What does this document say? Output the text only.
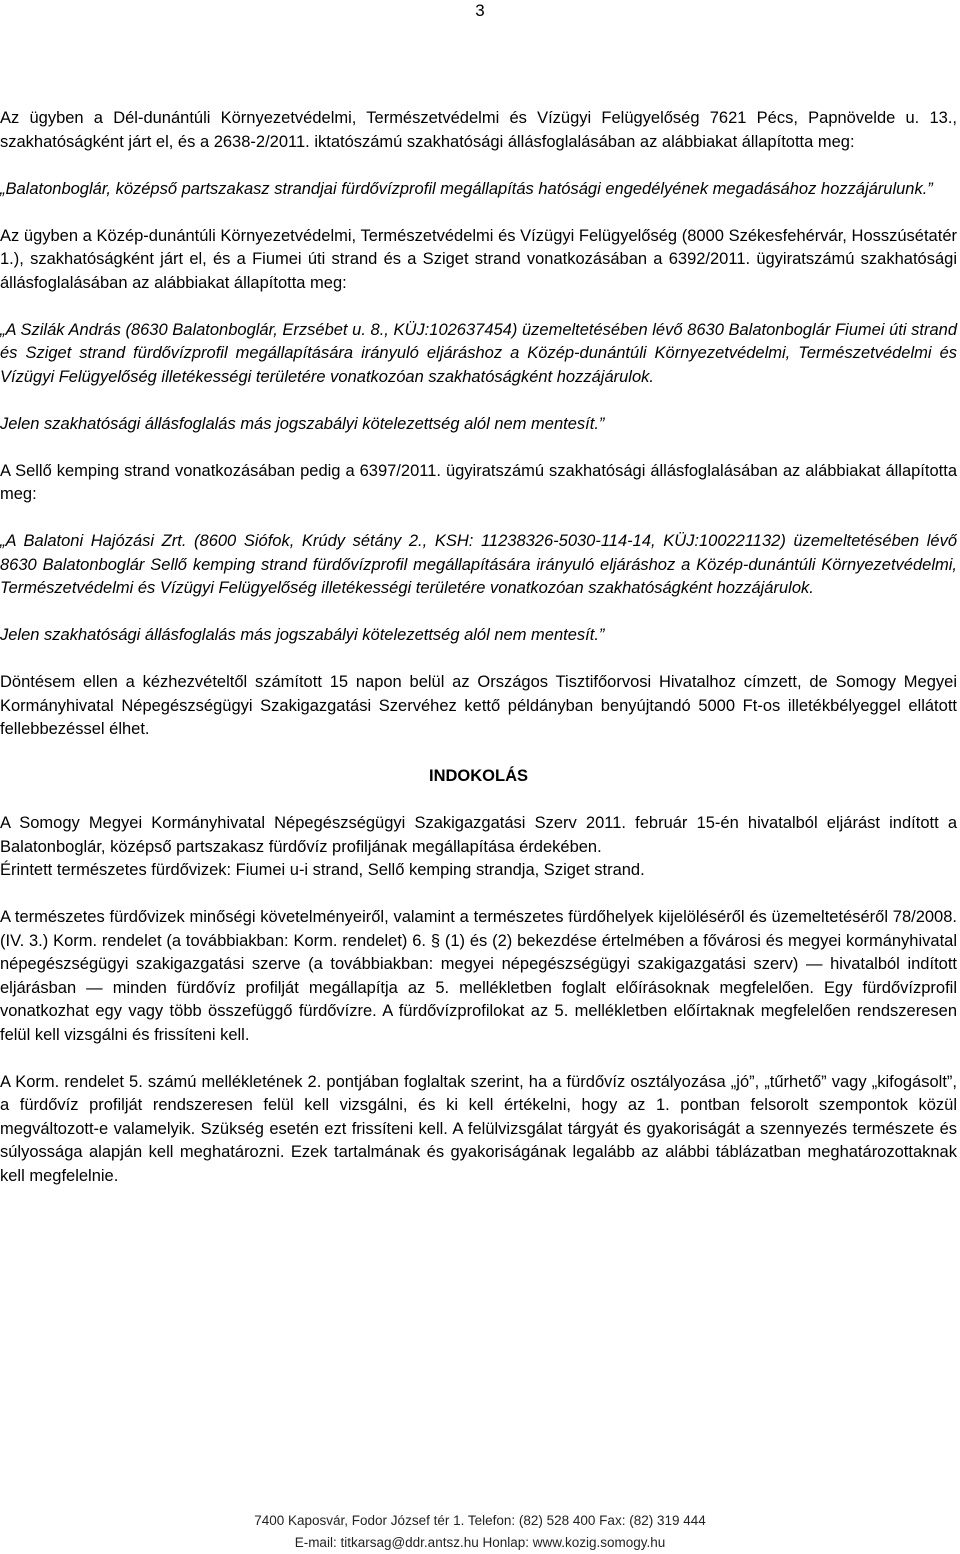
3

Az ügyben a Dél-dunántúli Környezetvédelmi, Természetvédelmi és Vízügyi Felügyelőség 7621 Pécs, Papnövelde u. 13., szakhatóságként járt el, és a 2638-2/2011. iktatószámú szakhatósági állásfoglalásában az alábbiakat állapította meg:

„Balatonboglár, középső partszakasz strandjai fürdővízprofil megállapítás hatósági engedélyének megadásához hozzájárulunk.”

Az ügyben a Közép-dunántúli Környezetvédelmi, Természetvédelmi és Vízügyi Felügyelőség (8000 Székesfehérvár, Hosszúsétatér 1.), szakhatóságként járt el, és a Fiumei úti strand és a Sziget strand vonatkozásában a 6392/2011. ügyiratszámú szakhatósági állásfoglalásában az alábbiakat állapította meg:

„A Szilák András (8630 Balatonboglár, Erzsébet u. 8., KÜJ:102637454) üzemeltetésében lévő 8630 Balatonboglár Fiumei úti strand és Sziget strand fürdővízprofil megállapítására irányuló eljáráshoz a Közép-dunántúli Környezetvédelmi, Természetvédelmi és Vízügyi Felügyelőség illetékességi területére vonatkozóan szakhatóságként hozzájárulok.

Jelen szakhatósági állásfoglalás más jogszabályi kötelezettség alól nem mentesít.”

A Sellő kemping strand vonatkozásában pedig a 6397/2011. ügyiratszámú szakhatósági állásfoglalásában az alábbiakat állapította meg:

„A Balatoni Hajózási Zrt. (8600 Siófok, Krúdy sétány 2., KSH: 11238326-5030-114-14, KÜJ:100221132) üzemeltetésében lévő 8630 Balatonboglár Sellő kemping strand fürdővízprofil megállapítására irányuló eljáráshoz a Közép-dunántúli Környezetvédelmi, Természetvédelmi és Vízügyi Felügyelőség illetékességi területére vonatkozóan szakhatóságként hozzájárulok.

Jelen szakhatósági állásfoglalás más jogszabályi kötelezettség alól nem mentesít.”

Döntésem ellen a kézhezvételtől számított 15 napon belül az Országos Tisztifőorvosi Hivatalhoz címzett, de Somogy Megyei Kormányhivatal Népegészségügyi Szakigazgatási Szervéhez kettő példányban benyújtandó 5000 Ft-os illetékbélyeggel ellátott fellebbezéssel élhet.

INDOKOLÁS

A Somogy Megyei Kormányhivatal Népegészségügyi Szakigazgatási Szerv 2011. február 15-én hivatalból eljárást indított a Balatonboglár, középső partszakasz fürdővíz profiljának megállapítása érdekében.

Érintett természetes fürdővizek: Fiumei u-i strand, Sellő kemping strandja, Sziget strand.

A természetes fürdővizek minőségi követelményeiről, valamint a természetes fürdőhelyek kijelöléséről és üzemeltetéséről 78/2008. (IV. 3.) Korm. rendelet (a továbbiakban: Korm. rendelet) 6. § (1) és (2) bekezdése értelmében a fővárosi és megyei kormányhivatal népegészségügyi szakigazgatási szerve (a továbbiakban: megyei népegészségügyi szakigazgatási szerv) — hivatalból indított eljárásban — minden fürdővíz profilját megállapítja az 5. mellékletben foglalt előírásoknak megfelelően. Egy fürdővízprofil vonatkozhat egy vagy több összefüggő fürdővízre. A fürdővízprofilokat az 5. mellékletben előírtaknak megfelelően rendszeresen felül kell vizsgálni és frissíteni kell.

A Korm. rendelet 5. számú mellékletének 2. pontjában foglaltak szerint, ha a fürdővíz osztályozása „jó”, „tűrhető” vagy „kifogásolt”, a fürdővíz profilját rendszeresen felül kell vizsgálni, és ki kell értékelni, hogy az 1. pontban felsorolt szempontok közül megváltozott-e valamelyik. Szükség esetén ezt frissíteni kell. A felülvizsgálat tárgyát és gyakoriságát a szennyezés természete és súlyossága alapján kell meghatározni. Ezek tartalmának és gyakoriságának legalább az alábbi táblázatban meghatározottaknak kell megfelelnie.

7400 Kaposvár, Fodor József tér 1. Telefon: (82) 528 400 Fax: (82) 319 444
E-mail: titkarsag@ddr.antsz.hu Honlap: www.kozig.somogy.hu
